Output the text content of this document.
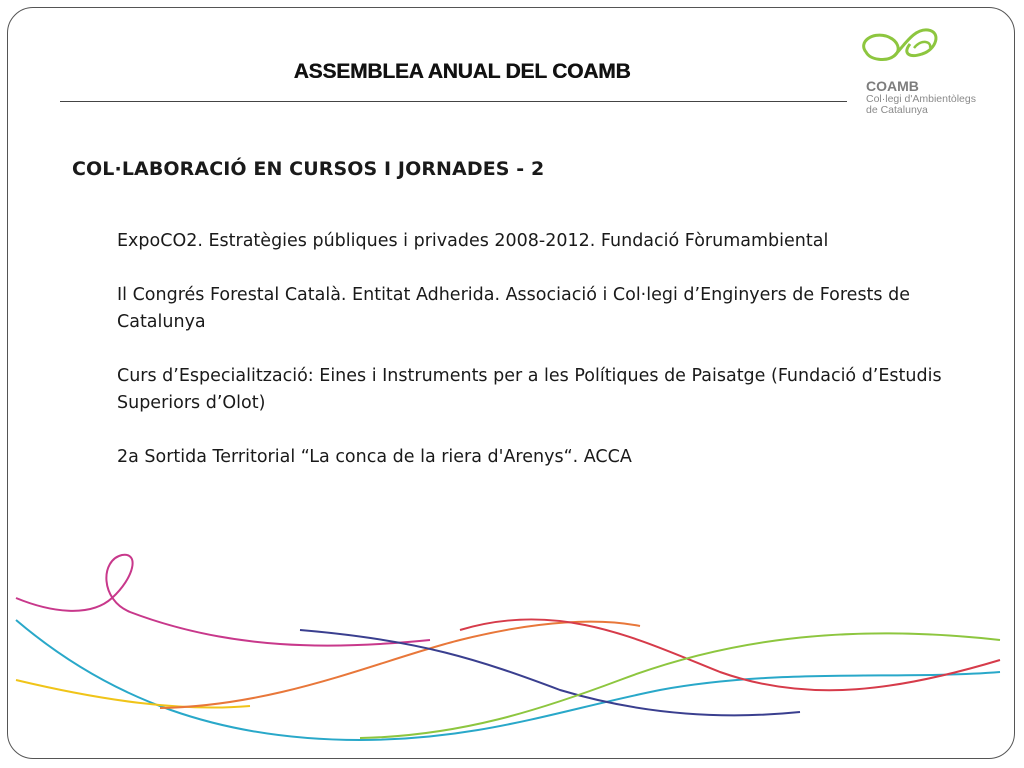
ASSEMBLEA ANUAL DEL COAMB

COAMB

Col·legi d'Ambientòlegs

de Catalunya

COL·LABORACIÓ EN CURSOS I JORNADES - 2
ExpoCO2. Estratègies públiques i privades 2008-2012. Fundació Fòrumambiental
Il Congrés Forestal Català. Entitat Adherida. Associació i Col·legi d’Enginyers de Forests de Catalunya
Curs d’Especialització: Eines i Instruments per a les Polítiques de Paisatge (Fundació d’Estudis Superiors d’Olot)
2a Sortida Territorial “La conca de la riera d'Arenys“. ACCA
